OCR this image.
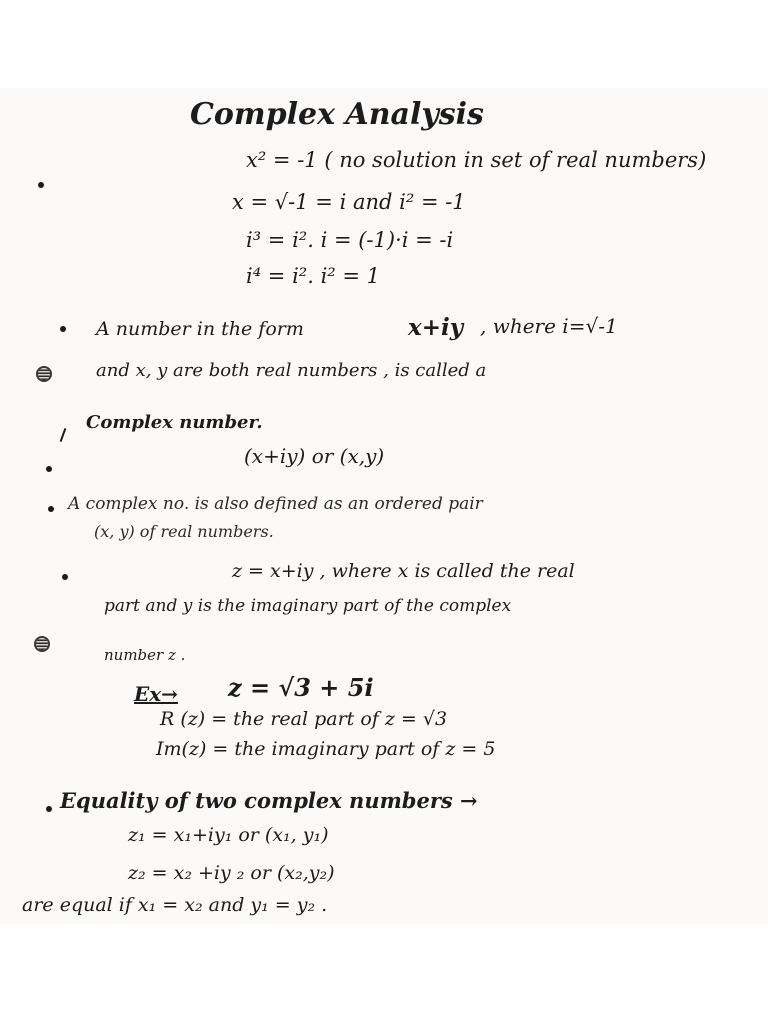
Complex Analysis
x² = -1 ( no solution in set of real numbers)
x = √-1 = i and i² = -1
i³ = i². i = (-1)·i = -i
i⁴ = i². i² = 1
A number in the form	x+iy , where i=√-1
and x, y are both real numbers , is called a
Complex number.
(x+iy) or (x,y)
A complex no. is also defined as an ordered pair
(x, y) of real numbers.
z = x+iy , where x is called the real
part and y is the imaginary part of the complex
number z .
Ex→ z = √3 + 5i
R (z) = the real part of z = √3
Im(z) = the imaginary part of z = 5
Equality of two complex numbers →
z₁ = x₁+iy₁ or (x₁, y₁)
z₂ = x₂ +iy ₂ or (x₂,y₂)
are equal if x₁ = x₂ and y₁ = y₂ .
